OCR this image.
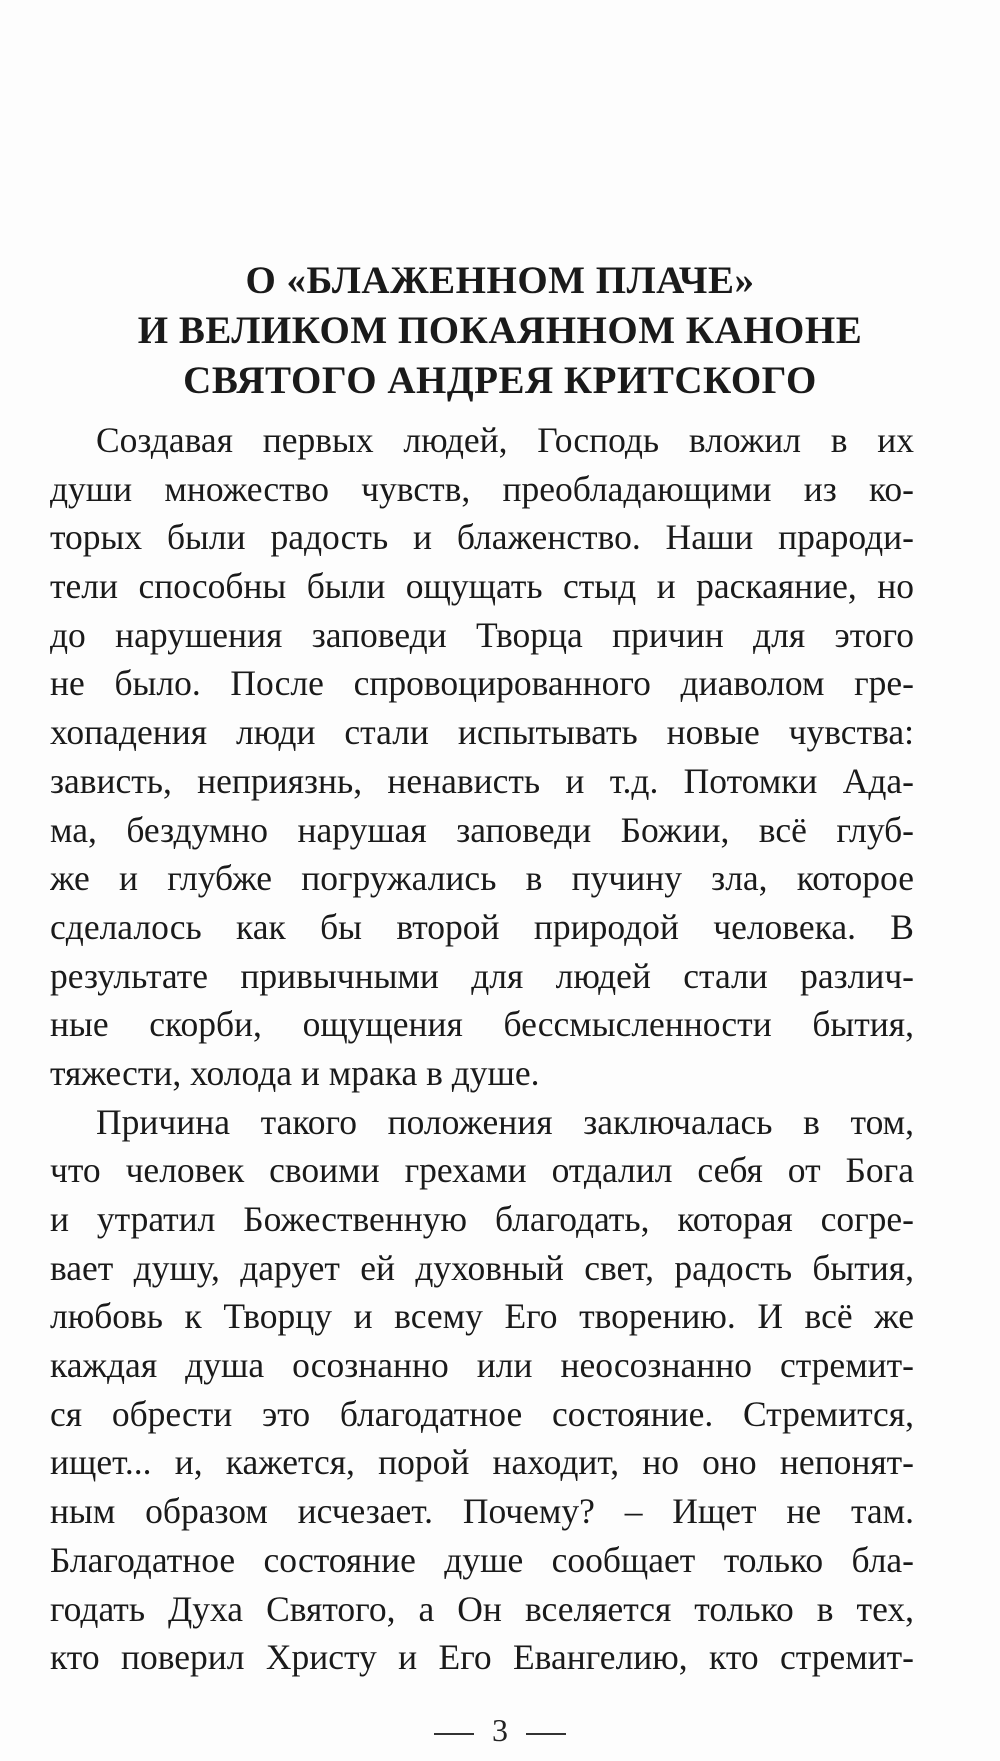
О «БЛАЖЕННОМ ПЛАЧЕ»
И ВЕЛИКОМ ПОКАЯННОМ КАНОНЕ
СВЯТОГО АНДРЕЯ КРИТСКОГО
Создавая первых людей, Господь вложил в их
души множество чувств, преобладающими из ко-
торых были радость и блаженство. Наши прароди-
тели способны были ощущать стыд и раскаяние, но
до нарушения заповеди Творца причин для этого
не было. После спровоцированного диаволом гре-
хопадения люди стали испытывать новые чувства:
зависть, неприязнь, ненависть и т.д. Потомки Ада-
ма, бездумно нарушая заповеди Божии, всё глуб-
же и глубже погружались в пучину зла, которое
сделалось как бы второй природой человека. В
результате привычными для людей стали различ-
ные скорби, ощущения бессмысленности бытия,
тяжести, холода и мрака в душе.
Причина такого положения заключалась в том,
что человек своими грехами отдалил себя от Бога
и утратил Божественную благодать, которая согре-
вает душу, дарует ей духовный свет, радость бытия,
любовь к Творцу и всему Его творению. И всё же
каждая душа осознанно или неосознанно стремит-
ся обрести это благодатное состояние. Стремится,
ищет... и, кажется, порой находит, но оно непонят-
ным образом исчезает. Почему? – Ищет не там.
Благодатное состояние душе сообщает только бла-
годать Духа Святого, а Он вселяется только в тех,
кто поверил Христу и Его Евангелию, кто стремит-
3
